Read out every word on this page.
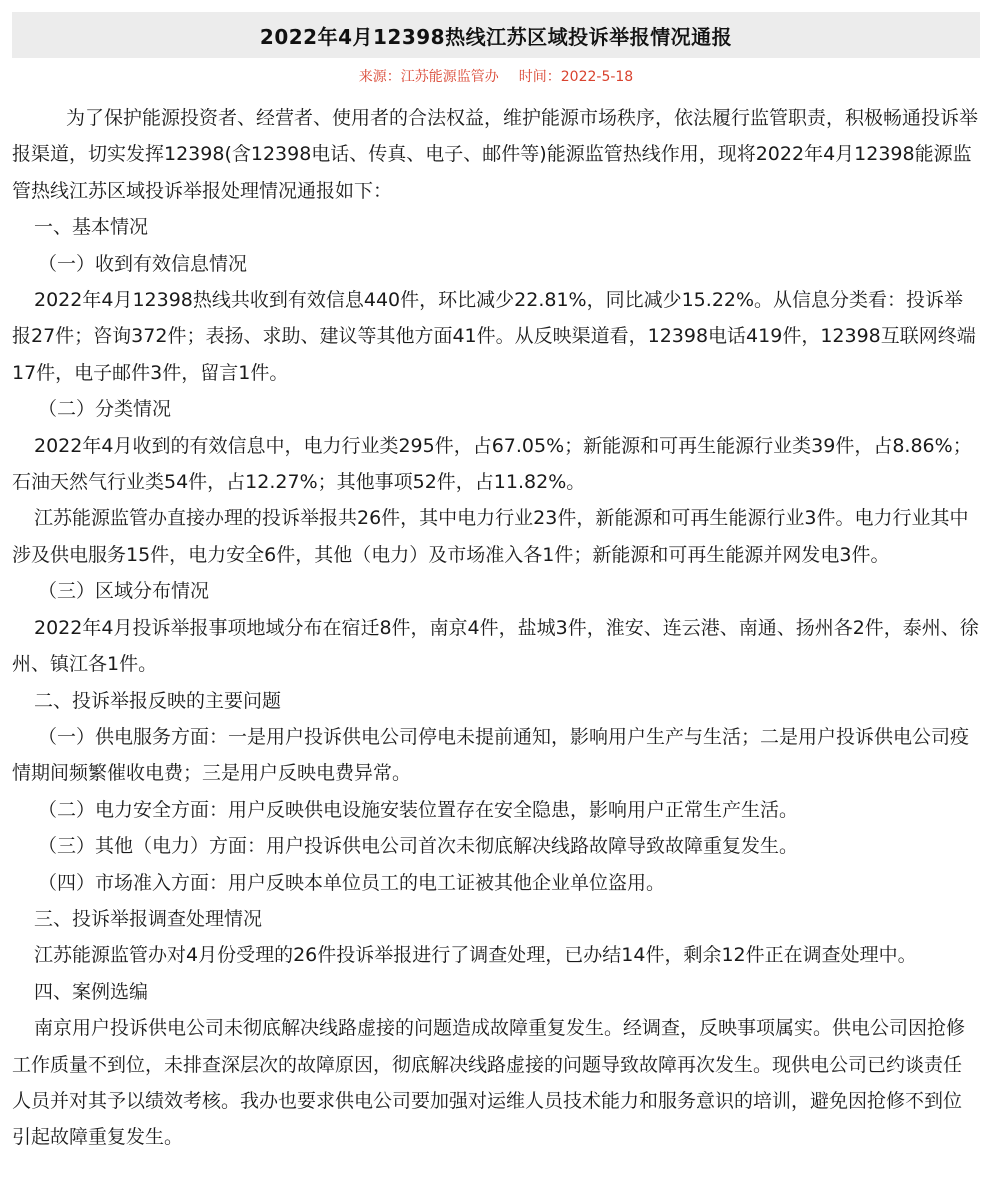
2022年4月12398热线江苏区域投诉举报情况通报
来源：江苏能源监管办 时间：2022-5-18

为了保护能源投资者、经营者、使用者的合法权益，维护能源市场秩序，依法履行监管职责，积极畅通投诉举报渠道，切实发挥12398(含12398电话、传真、电子、邮件等)能源监管热线作用，现将2022年4月12398能源监管热线江苏区域投诉举报处理情况通报如下：

一、基本情况

（一）收到有效信息情况

2022年4月12398热线共收到有效信息440件，环比减少22.81%，同比减少15.22%。从信息分类看：投诉举报27件；咨询372件；表扬、求助、建议等其他方面41件。从反映渠道看，12398电话419件，12398互联网终端17件，电子邮件3件，留言1件。

（二）分类情况

2022年4月收到的有效信息中，电力行业类295件，占67.05%；新能源和可再生能源行业类39件，占8.86%；石油天然气行业类54件，占12.27%；其他事项52件，占11.82%。

江苏能源监管办直接办理的投诉举报共26件，其中电力行业23件，新能源和可再生能源行业3件。电力行业其中涉及供电服务15件，电力安全6件，其他（电力）及市场准入各1件；新能源和可再生能源并网发电3件。

（三）区域分布情况

2022年4月投诉举报事项地域分布在宿迁8件，南京4件，盐城3件，淮安、连云港、南通、扬州各2件，泰州、徐州、镇江各1件。

二、投诉举报反映的主要问题

（一）供电服务方面：一是用户投诉供电公司停电未提前通知，影响用户生产与生活；二是用户投诉供电公司疫情期间频繁催收电费；三是用户反映电费异常。

（二）电力安全方面：用户反映供电设施安装位置存在安全隐患，影响用户正常生产生活。

（三）其他（电力）方面：用户投诉供电公司首次未彻底解决线路故障导致故障重复发生。

（四）市场准入方面：用户反映本单位员工的电工证被其他企业单位盗用。

三、投诉举报调查处理情况

江苏能源监管办对4月份受理的26件投诉举报进行了调查处理，已办结14件，剩余12件正在调查处理中。

四、案例选编

南京用户投诉供电公司未彻底解决线路虚接的问题造成故障重复发生。经调查，反映事项属实。供电公司因抢修工作质量不到位，未排查深层次的故障原因，彻底解决线路虚接的问题导致故障再次发生。现供电公司已约谈责任人员并对其予以绩效考核。我办也要求供电公司要加强对运维人员技术能力和服务意识的培训，避免因抢修不到位引起故障重复发生。
